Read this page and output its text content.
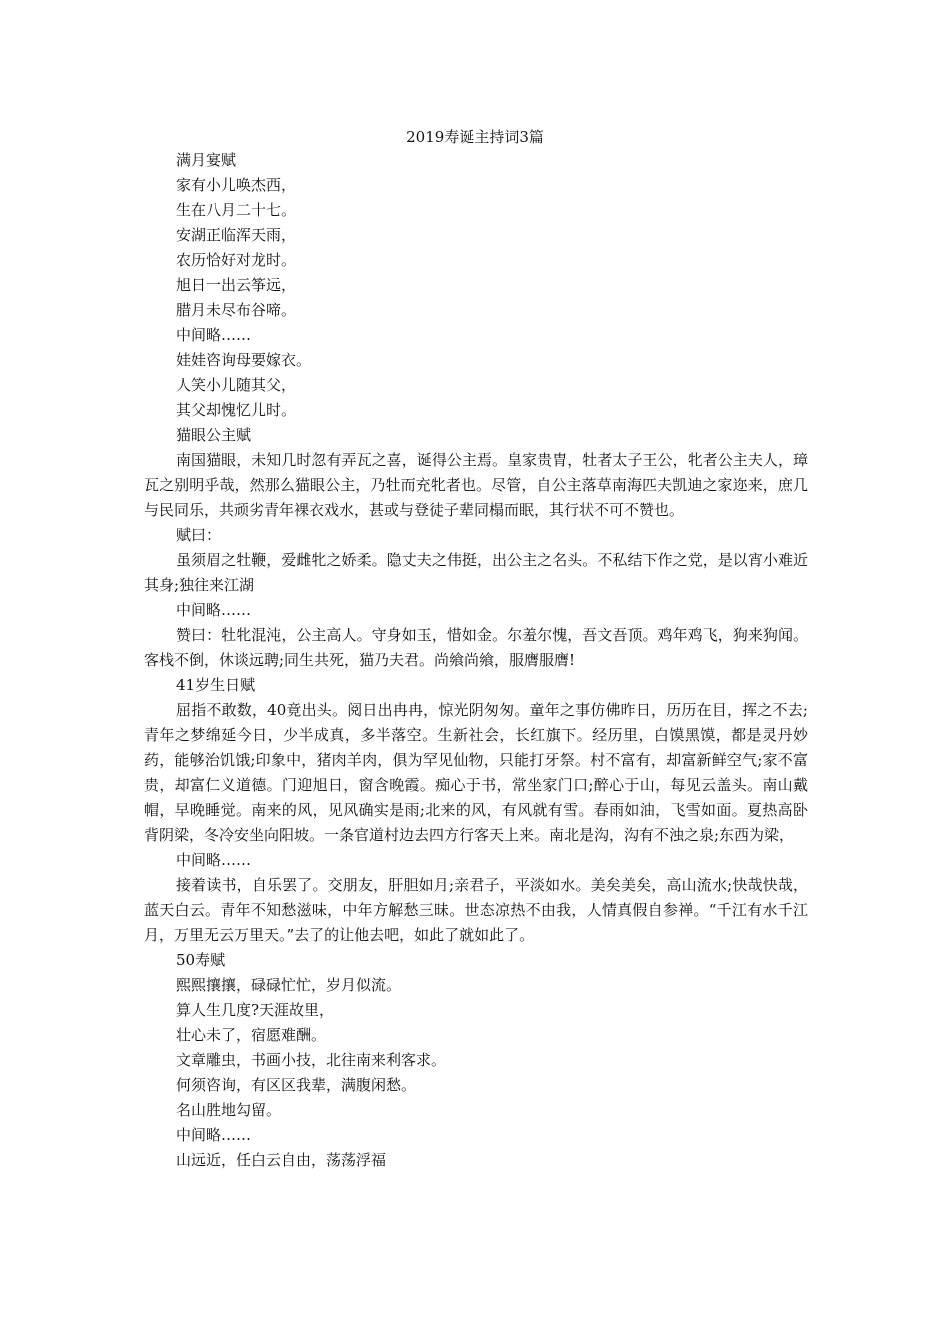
2019寿诞主持词3篇

满月宴赋

家有小儿唤杰西，

生在八月二十七。

安湖正临浑天雨，

农历恰好对龙时。

旭日一出云筝远，

腊月未尽布谷啼。

中间略……

娃娃咨询母要嫁衣。

人笑小儿随其父，

其父却愧忆儿时。

猫眼公主赋

南国猫眼，未知几时忽有弄瓦之喜，诞得公主焉。皇家贵胄，牡者太子王公，牝者公主夫人，璋瓦之别明乎哉，然那么猫眼公主，乃牡而充牝者也。尽管，自公主落草南海匹夫凯迪之家迩来，庶几与民同乐，共顽劣青年裸衣戏水，甚或与登徒子辈同榻而眠，其行状不可不赞也。

赋曰：

虽须眉之牡鞭，爱雌牝之娇柔。隐丈夫之伟挺，出公主之名头。不私结下作之党，是以宵小难近其身;独往来江湖

中间略……

赞曰：牡牝混沌，公主高人。守身如玉，惜如金。尔羞尔愧，吾文吾顶。鸡年鸡飞，狗来狗闻。客栈不倒，休谈远聘;同生共死，猫乃夫君。尚飨尚飨，服膺服膺!

41岁生日赋

屈指不敢数，40竟出头。阅日出冉冉，惊光阴匆匆。童年之事仿佛昨日，历历在目，挥之不去;青年之梦绵延今日，少半成真，多半落空。生新社会，长红旗下。经历里，白馍黑馍，都是灵丹妙药，能够治饥饿;印象中，猪肉羊肉，俱为罕见仙物，只能打牙祭。村不富有，却富新鲜空气;家不富贵，却富仁义道德。门迎旭日，窗含晚霞。痴心于书，常坐家门口;醉心于山，每见云盖头。南山戴帽，早晚睡觉。南来的风，见风确实是雨;北来的风，有风就有雪。春雨如油，飞雪如面。夏热高卧背阴梁，冬冷安坐向阳坡。一条官道村边去四方行客天上来。南北是沟，沟有不浊之泉;东西为梁，

中间略……

接着读书，自乐罢了。交朋友，肝胆如月;亲君子，平淡如水。美矣美矣，高山流水;快哉快哉，蓝天白云。青年不知愁滋味，中年方解愁三昧。世态凉热不由我，人情真假自参禅。“千江有水千江月，万里无云万里天。”去了的让他去吧，如此了就如此了。

50寿赋

熙熙攘攘，碌碌忙忙，岁月似流。

算人生几度?天涯故里，

壮心未了，宿愿难酬。

文章雕虫，书画小技，北往南来利客求。

何须咨询，有区区我辈，满腹闲愁。

名山胜地勾留。

中间略……

山远近，任白云自由，荡荡浮福
